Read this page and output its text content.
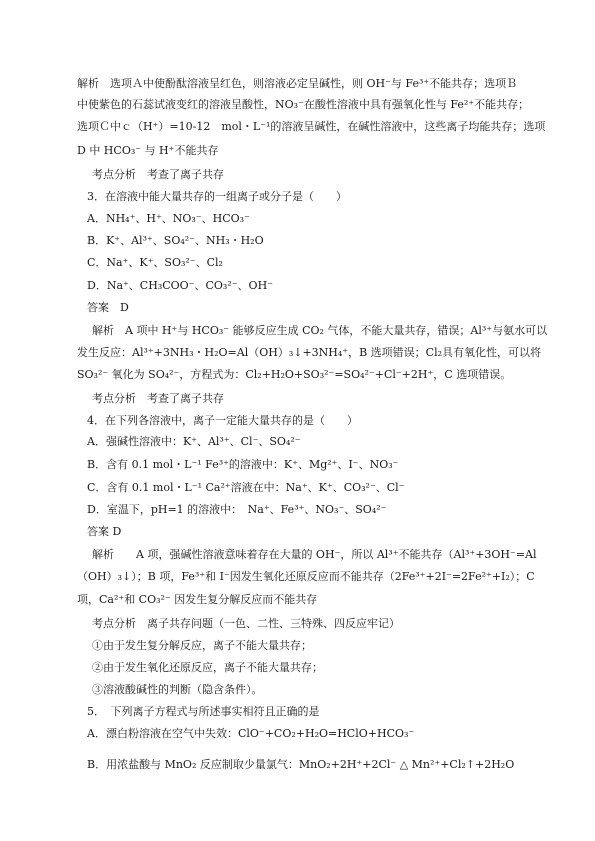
解析　选项Ａ中使酚酞溶液呈红色，则溶液必定呈碱性，则 OH⁻与 Fe³⁺不能共存；选项Ｂ
中使紫色的石蕊试液变红的溶液呈酸性，NO₃⁻在酸性溶液中具有强氧化性与 Fe²⁺不能共存；
选项Ｃ中ｃ（H⁺）=10-12　mol・L⁻¹的溶液呈碱性，在碱性溶液中，这些离子均能共存；选项
D 中 HCO₃⁻ 与 H⁺不能共存
考点分析　考查了离子共存
3．在溶液中能大量共存的一组离子或分子是（　　）
A．NH₄⁺、H⁺、NO₃⁻、HCO₃⁻
B．K⁺、Al³⁺、SO₄²⁻、NH₃・H₂O
C．Na⁺、K⁺、SO₃²⁻、Cl₂
D．Na⁺、CH₃COO⁻、CO₃²⁻、OH⁻
答案　D
解析　A 项中 H⁺与 HCO₃⁻ 能够反应生成 CO₂ 气体，不能大量共存，错误；Al³⁺与氨水可以
发生反应：Al³⁺+3NH₃・H₂O=Al（OH）₃↓+3NH₄⁺，B 选项错误；Cl₂具有氧化性，可以将
SO₃²⁻ 氧化为 SO₄²⁻，方程式为：Cl₂+H₂O+SO₃²⁻=SO₄²⁻+Cl⁻+2H⁺，C 选项错误。
考点分析　考查了离子共存
4．在下列各溶液中，离子一定能大量共存的是（　　）
A．强碱性溶液中：K⁺、Al³⁺、Cl⁻、SO₄²⁻
B．含有 0.1 mol・L⁻¹ Fe³⁺的溶液中：K⁺、Mg²⁺、I⁻、NO₃⁻
C．含有 0.1 mol・L⁻¹ Ca²⁺溶液在中：Na⁺、K⁺、CO₃²⁻、Cl⁻
D．室温下，pH=1 的溶液中：　Na⁺、Fe³⁺、NO₃⁻、SO₄²⁻
答案 D
解析　　A 项，强碱性溶液意味着存在大量的 OH⁻，所以 Al³⁺不能共存（Al³⁺+3OH⁻=Al
（OH）₃↓）；B 项，Fe³⁺和 I⁻因发生氧化还原反应而不能共存（2Fe³⁺+2I⁻=2Fe²⁺+I₂）；C
项，Ca²⁺和 CO₃²⁻ 因发生复分解反应而不能共存
考点分析　离子共存问题（一色、二性、三特殊、四反应牢记）
①由于发生复分解反应，离子不能大量共存；
②由于发生氧化还原反应，离子不能大量共存；
③溶液酸碱性的判断（隐含条件）。
5．　下列离子方程式与所述事实相符且正确的是
A．漂白粉溶液在空气中失效：ClO⁻+CO₂+H₂O=HClO+HCO₃⁻
B．用浓盐酸与 MnO₂ 反应制取少量氯气：MnO₂+2H⁺+2Cl⁻ △ Mn²⁺+Cl₂↑+2H₂O
